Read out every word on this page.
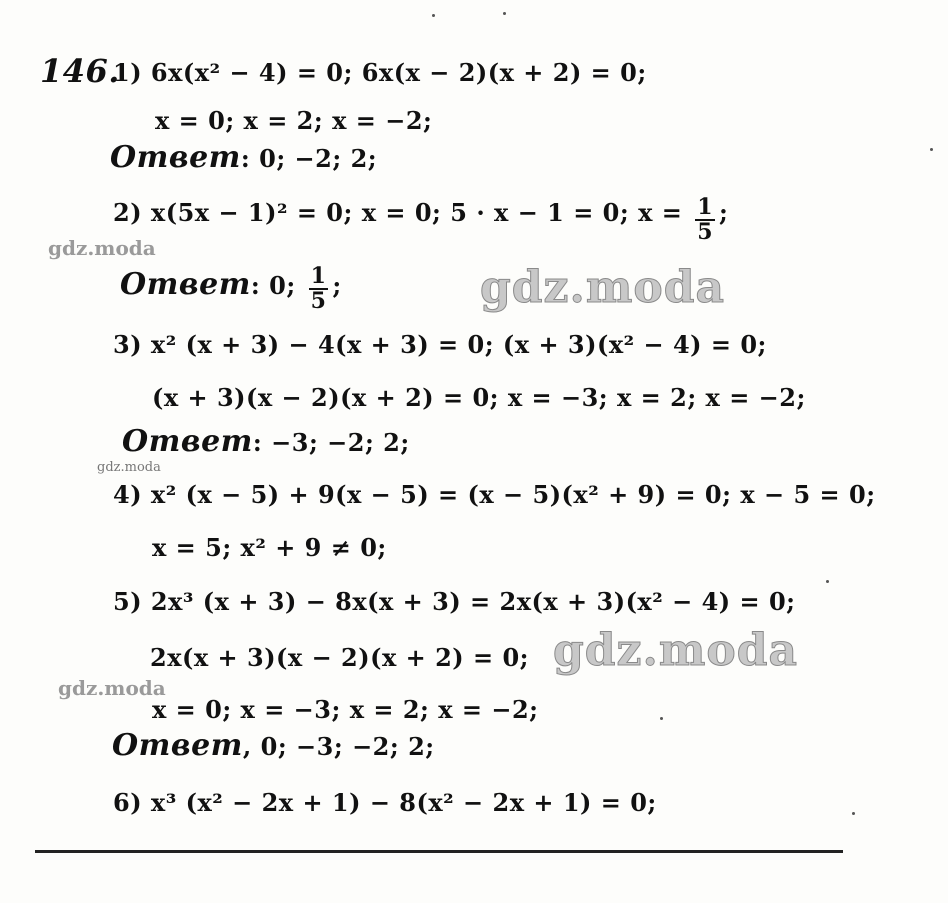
146.
1) 6x(x² − 4) = 0; 6x(x − 2)(x + 2) = 0;
x = 0; x = 2; x = −2;
Ответ: 0; −2; 2;
2) x(5x − 1)² = 0; x = 0; 5 · x − 1 = 0; $x = \frac{1}{5}$ ;
Ответ: 0; $\frac{1}{5}$ ;
3) x² (x + 3) − 4(x + 3) = 0; (x + 3)(x² − 4) = 0;
(x + 3)(x − 2)(x + 2) = 0; x = −3; x = 2; x = −2;
Ответ: −3; −2; 2;
4) x² (x − 5) + 9(x − 5) = (x − 5)(x² + 9) = 0; x − 5 = 0;
x = 5; x² + 9 ≠ 0;
5) 2x³ (x + 3) − 8x(x + 3) = 2x(x + 3)(x² − 4) = 0;
2x(x + 3)(x − 2)(x + 2) = 0;
x = 0; x = −3; x = 2; x = −2;
Ответ, 0; −3; −2; 2;
6) x³ (x² − 2x + 1) − 8(x² − 2x + 1) = 0;
gdz.moda
gdz.moda
gdz.moda
gdz.moda
gdz.moda
